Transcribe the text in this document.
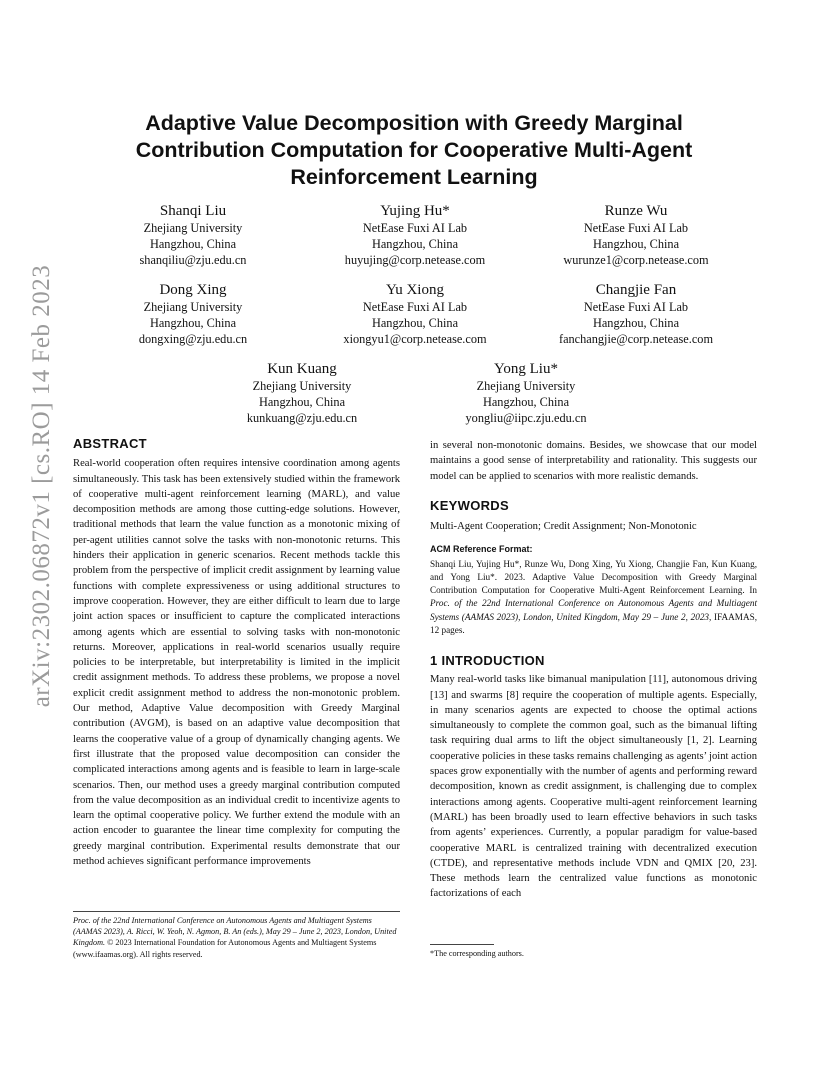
arXiv:2302.06872v1 [cs.RO] 14 Feb 2023
Adaptive Value Decomposition with Greedy Marginal
Contribution Computation for Cooperative Multi-Agent
Reinforcement Learning
Shanqi Liu
Zhejiang University
Hangzhou, China
shanqiliu@zju.edu.cn
Yujing Hu*
NetEase Fuxi AI Lab
Hangzhou, China
huyujing@corp.netease.com
Runze Wu
NetEase Fuxi AI Lab
Hangzhou, China
wurunze1@corp.netease.com
Dong Xing
Zhejiang University
Hangzhou, China
dongxing@zju.edu.cn
Yu Xiong
NetEase Fuxi AI Lab
Hangzhou, China
xiongyu1@corp.netease.com
Changjie Fan
NetEase Fuxi AI Lab
Hangzhou, China
fanchangjie@corp.netease.com
Kun Kuang
Zhejiang University
Hangzhou, China
kunkuang@zju.edu.cn
Yong Liu*
Zhejiang University
Hangzhou, China
yongliu@iipc.zju.edu.cn
ABSTRACT

Real-world cooperation often requires intensive coordination among agents simultaneously. This task has been extensively studied within the framework of cooperative multi-agent reinforcement learning (MARL), and value decomposition methods are among those cutting-edge solutions. However, traditional methods that learn the value function as a monotonic mixing of per-agent utilities cannot solve the tasks with non-monotonic returns. This hinders their application in generic scenarios. Recent methods tackle this problem from the perspective of implicit credit assignment by learning value functions with complete expressiveness or using additional structures to improve cooperation. However, they are either difficult to learn due to large joint action spaces or insufficient to capture the complicated interactions among agents which are essential to solving tasks with non-monotonic returns. Moreover, applications in real-world scenarios usually require policies to be interpretable, but interpretability is limited in the implicit credit assignment methods. To address these problems, we propose a novel explicit credit assignment method to address the non-monotonic problem. Our method, Adaptive Value decomposition with Greedy Marginal contribution (AVGM), is based on an adaptive value decomposition that learns the cooperative value of a group of dynamically changing agents. We first illustrate that the proposed value decomposition can consider the complicated interactions among agents and is feasible to learn in large-scale scenarios. Then, our method uses a greedy marginal contribution computed from the value decomposition as an individual credit to incentivize agents to learn the optimal cooperative policy. We further extend the module with an action encoder to guarantee the linear time complexity for computing the greedy marginal contribution. Experimental results demonstrate that our method achieves significant performance improvements

Proc. of the 22nd International Conference on Autonomous Agents and Multiagent Systems (AAMAS 2023), A. Ricci, W. Yeoh, N. Agmon, B. An (eds.), May 29 – June 2, 2023, London, United Kingdom. © 2023 International Foundation for Autonomous Agents and Multiagent Systems (www.ifaamas.org). All rights reserved.

in several non-monotonic domains. Besides, we showcase that our model maintains a good sense of interpretability and rationality. This suggests our model can be applied to scenarios with more realistic demands.

KEYWORDS

Multi-Agent Cooperation; Credit Assignment; Non-Monotonic

ACM Reference Format:

Shanqi Liu, Yujing Hu*, Runze Wu, Dong Xing, Yu Xiong, Changjie Fan, Kun Kuang, and Yong Liu*. 2023. Adaptive Value Decomposition with Greedy Marginal Contribution Computation for Cooperative Multi-Agent Reinforcement Learning. In Proc. of the 22nd International Conference on Autonomous Agents and Multiagent Systems (AAMAS 2023), London, United Kingdom, May 29 – June 2, 2023, IFAAMAS, 12 pages.

1 INTRODUCTION

Many real-world tasks like bimanual manipulation [11], autonomous driving [13] and swarms [8] require the cooperation of multiple agents. Especially, in many scenarios agents are expected to choose the optimal actions simultaneously to complete the common goal, such as the bimanual lifting task requiring dual arms to lift the object simultaneously [1, 2]. Learning cooperative policies in these tasks remains challenging as agents’ joint action spaces grow exponentially with the number of agents and performing reward decomposition, known as credit assignment, is challenging due to complex interactions among agents. Cooperative multi-agent reinforcement learning (MARL) has been broadly used to learn effective behaviors in such tasks from agents’ experiences. Currently, a popular paradigm for value-based cooperative MARL is centralized training with decentralized execution (CTDE), and representative methods include VDN and QMIX [20, 23]. These methods learn the centralized value functions as monotonic factorizations of each

*The corresponding authors.
